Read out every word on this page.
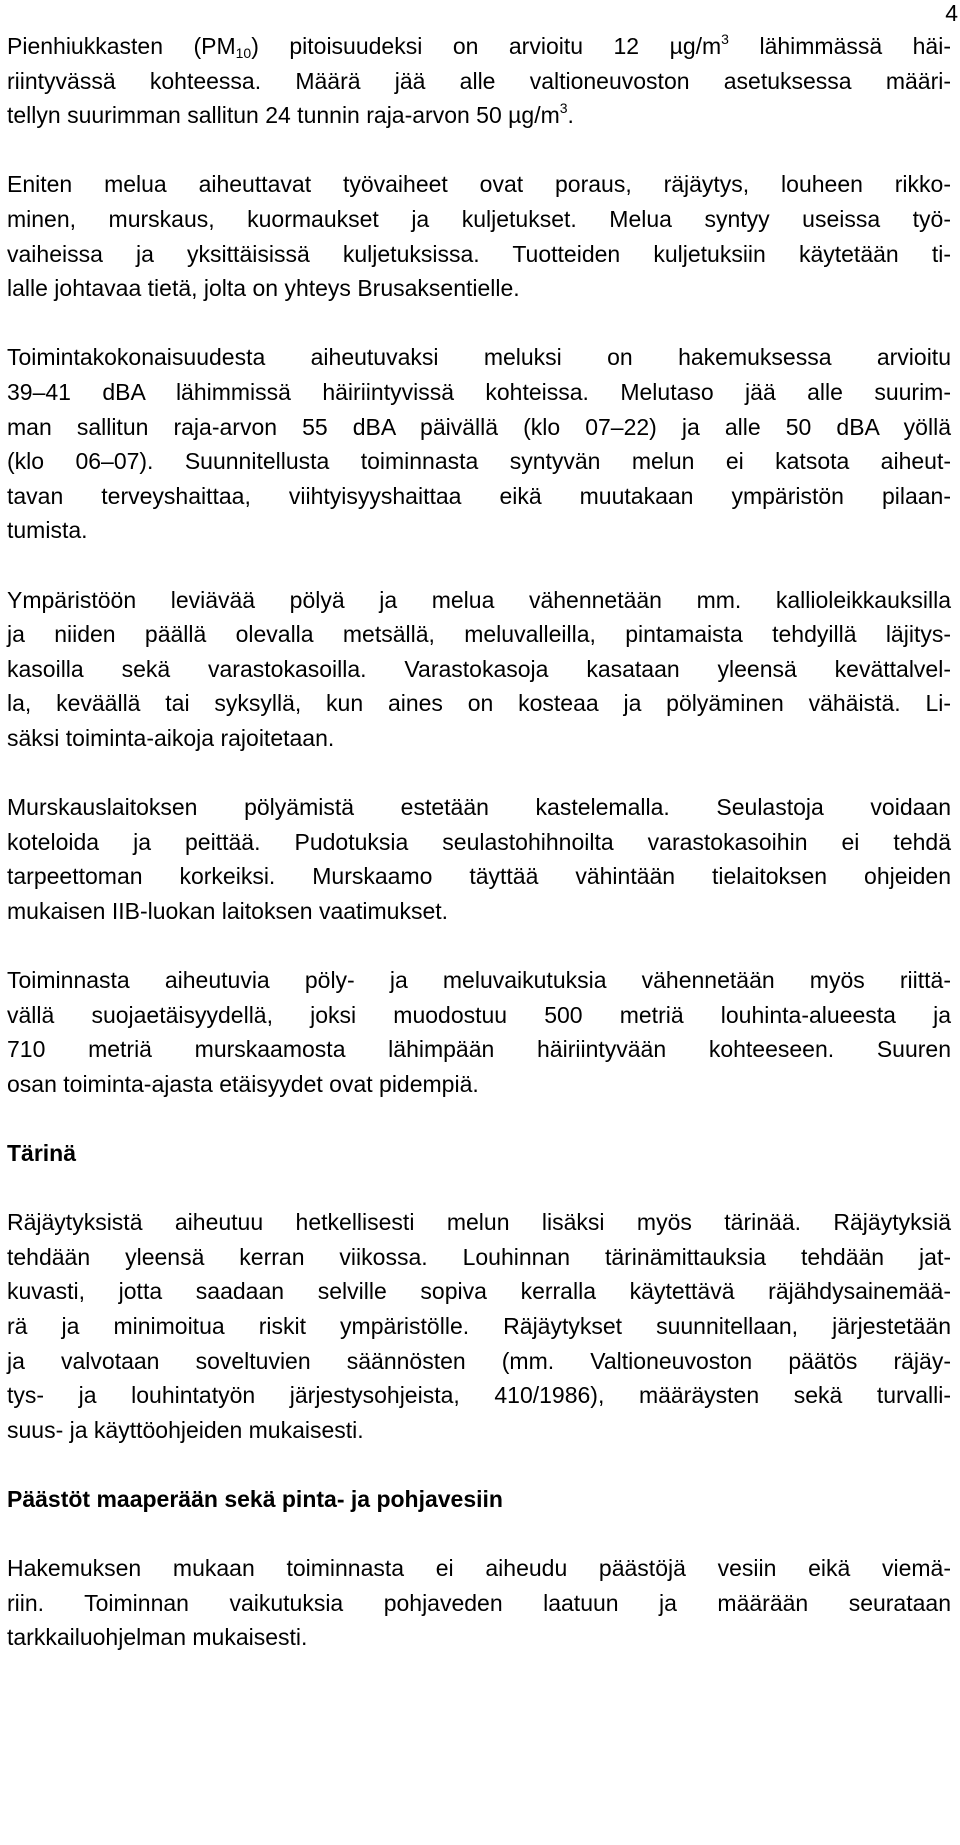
4

Pienhiukkasten $(PM_{10})$ pitoisuudeksi on arvioitu 12 $\mu g/m^3$ lähimmässä häi-
riintyvässä kohteessa. Määrä jää alle valtioneuvoston asetuksessa määri-
tellyn suurimman sallitun 24 tunnin raja-arvon 50 $\mu g/m^3$.

Eniten melua aiheuttavat työvaiheet ovat poraus, räjäytys, louheen rikko-
minen, murskaus, kuormaukset ja kuljetukset. Melua syntyy useissa työ-
vaiheissa ja yksittäisissä kuljetuksissa. Tuotteiden kuljetuksiin käytetään ti-
lalle johtavaa tietä, jolta on yhteys Brusaksentielle.

Toimintakokonaisuudesta aiheutuvaksi meluksi on hakemuksessa arvioitu
39–41 dBA lähimmissä häiriintyvissä kohteissa. Melutaso jää alle suurim-
man sallitun raja-arvon 55 dBA päivällä (klo 07–22) ja alle 50 dBA yöllä
(klo 06–07). Suunnitellusta toiminnasta syntyvän melun ei katsota aiheut-
tavan terveyshaittaa, viihtyisyyshaittaa eikä muutakaan ympäristön pilaan-
tumista.

Ympäristöön leviävää pölyä ja melua vähennetään mm. kallioleikkauksilla
ja niiden päällä olevalla metsällä, meluvalleilla, pintamaista tehdyillä läjitys-
kasoilla sekä varastokasoilla. Varastokasoja kasataan yleensä kevättalvel-
la, keväällä tai syksyllä, kun aines on kosteaa ja pölyäminen vähäistä. Li-
säksi toiminta-aikoja rajoitetaan.

Murskauslaitoksen pölyämistä estetään kastelemalla. Seulastoja voidaan
koteloida ja peittää. Pudotuksia seulastohihnoilta varastokasoihin ei tehdä
tarpeettoman korkeiksi. Murskaamo täyttää vähintään tielaitoksen ohjeiden
mukaisen IIB-luokan laitoksen vaatimukset.

Toiminnasta aiheutuvia pöly- ja meluvaikutuksia vähennetään myös riittä-
vällä suojaetäisyydellä, joksi muodostuu 500 metriä louhinta-alueesta ja
710 metriä murskaamosta lähimpään häiriintyvään kohteeseen. Suuren
osan toiminta-ajasta etäisyydet ovat pidempiä.

Tärinä

Räjäytyksistä aiheutuu hetkellisesti melun lisäksi myös tärinää. Räjäytyksiä
tehdään yleensä kerran viikossa. Louhinnan tärinämittauksia tehdään jat-
kuvasti, jotta saadaan selville sopiva kerralla käytettävä räjähdysainemää-
rä ja minimoitua riskit ympäristölle. Räjäytykset suunnitellaan, järjestetään
ja valvotaan soveltuvien säännösten (mm. Valtioneuvoston päätös räjäy-
tys- ja louhintatyön järjestysohjeista, 410/1986), määräysten sekä turvalli-
suus- ja käyttöohjeiden mukaisesti.

Päästöt maaperään sekä pinta- ja pohjavesiin

Hakemuksen mukaan toiminnasta ei aiheudu päästöjä vesiin eikä viemä-
riin. Toiminnan vaikutuksia pohjaveden laatuun ja määrään seurataan
tarkkailuohjelman mukaisesti.
